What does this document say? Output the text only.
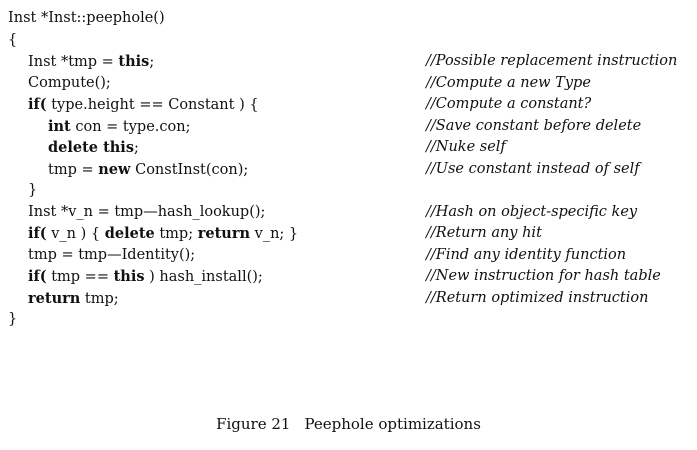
Inst *Inst::peephole()
{
Inst *tmp = this;	//Possible replacement instruction
Compute();	//Compute a new Type
if( type.height == Constant ) {	//Compute a constant?
int con = type.con;	//Save constant before delete
delete this;	//Nuke self
tmp = new ConstInst(con);	//Use constant instead of self
}
Inst *v_n = tmp—hash_lookup();	//Hash on object-specific key
if( v_n ) { delete tmp; return v_n; }	//Return any hit
tmp = tmp—Identity();	//Find any identity function
if( tmp == this ) hash_install();	//New instruction for hash table
return tmp;	//Return optimized instruction
}
Figure 21 Peephole optimizations
